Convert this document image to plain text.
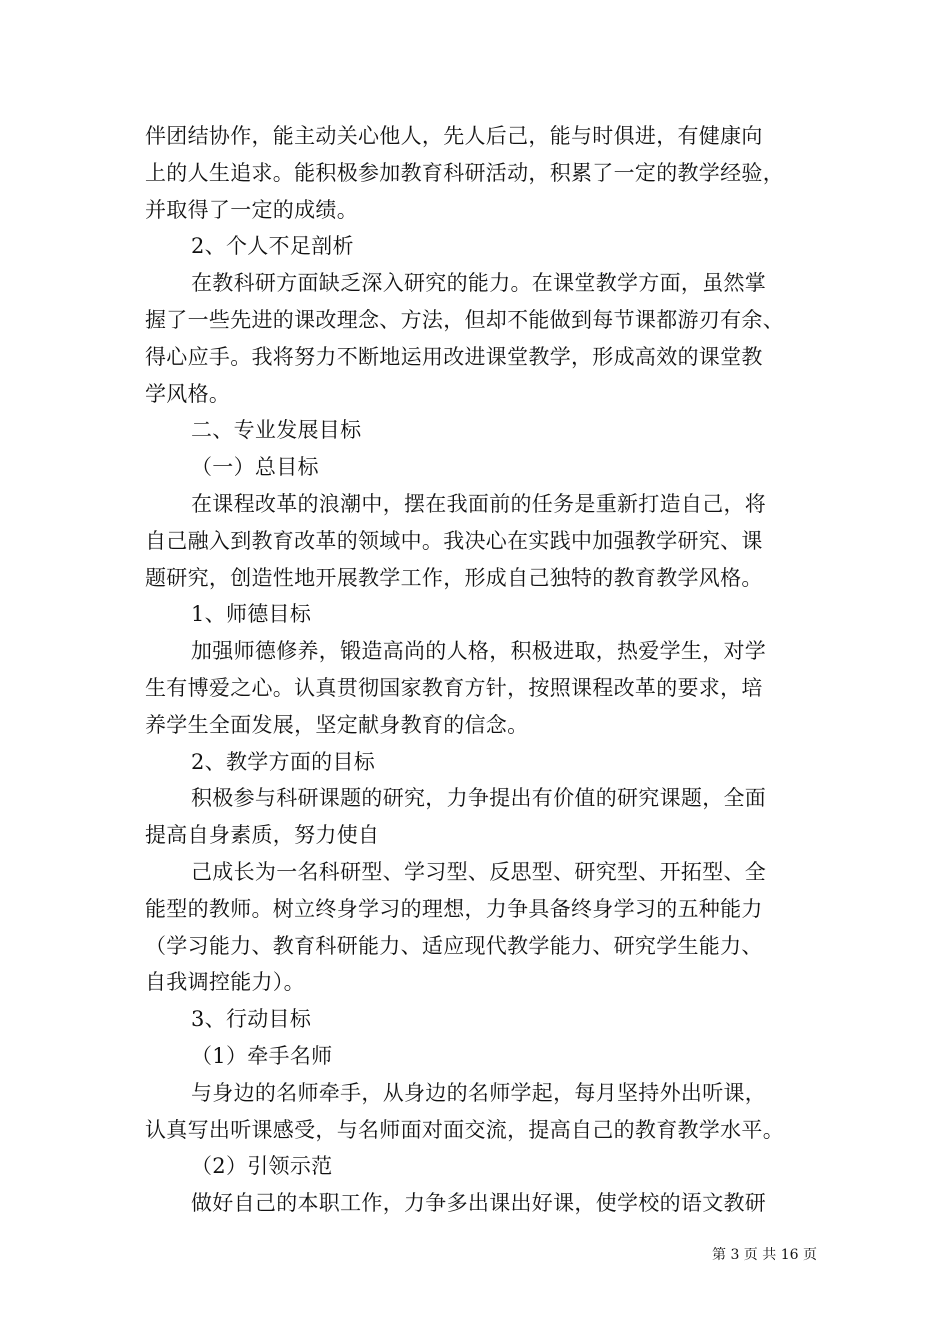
伴团结协作，能主动关心他人，先人后己，能与时俱进，有健康向
上的人生追求。能积极参加教育科研活动，积累了一定的教学经验，
并取得了一定的成绩。
2、个人不足剖析
在教科研方面缺乏深入研究的能力。在课堂教学方面，虽然掌
握了一些先进的课改理念、方法，但却不能做到每节课都游刃有余、
得心应手。我将努力不断地运用改进课堂教学，形成高效的课堂教
学风格。
二、专业发展目标
（一）总目标
在课程改革的浪潮中，摆在我面前的任务是重新打造自己，将
自己融入到教育改革的领域中。我决心在实践中加强教学研究、课
题研究，创造性地开展教学工作，形成自己独特的教育教学风格。
1、师德目标
加强师德修养，锻造高尚的人格，积极进取，热爱学生，对学
生有博爱之心。认真贯彻国家教育方针，按照课程改革的要求，培
养学生全面发展，坚定献身教育的信念。
2、教学方面的目标
积极参与科研课题的研究，力争提出有价值的研究课题，全面
提高自身素质，努力使自
己成长为一名科研型、学习型、反思型、研究型、开拓型、全
能型的教师。树立终身学习的理想，力争具备终身学习的五种能力
（学习能力、教育科研能力、适应现代教学能力、研究学生能力、
自我调控能力）。
3、行动目标
（1）牵手名师
与身边的名师牵手，从身边的名师学起，每月坚持外出听课，
认真写出听课感受，与名师面对面交流，提高自己的教育教学水平。
（2）引领示范
做好自己的本职工作，力争多出课出好课，使学校的语文教研
第 3 页 共 16 页
